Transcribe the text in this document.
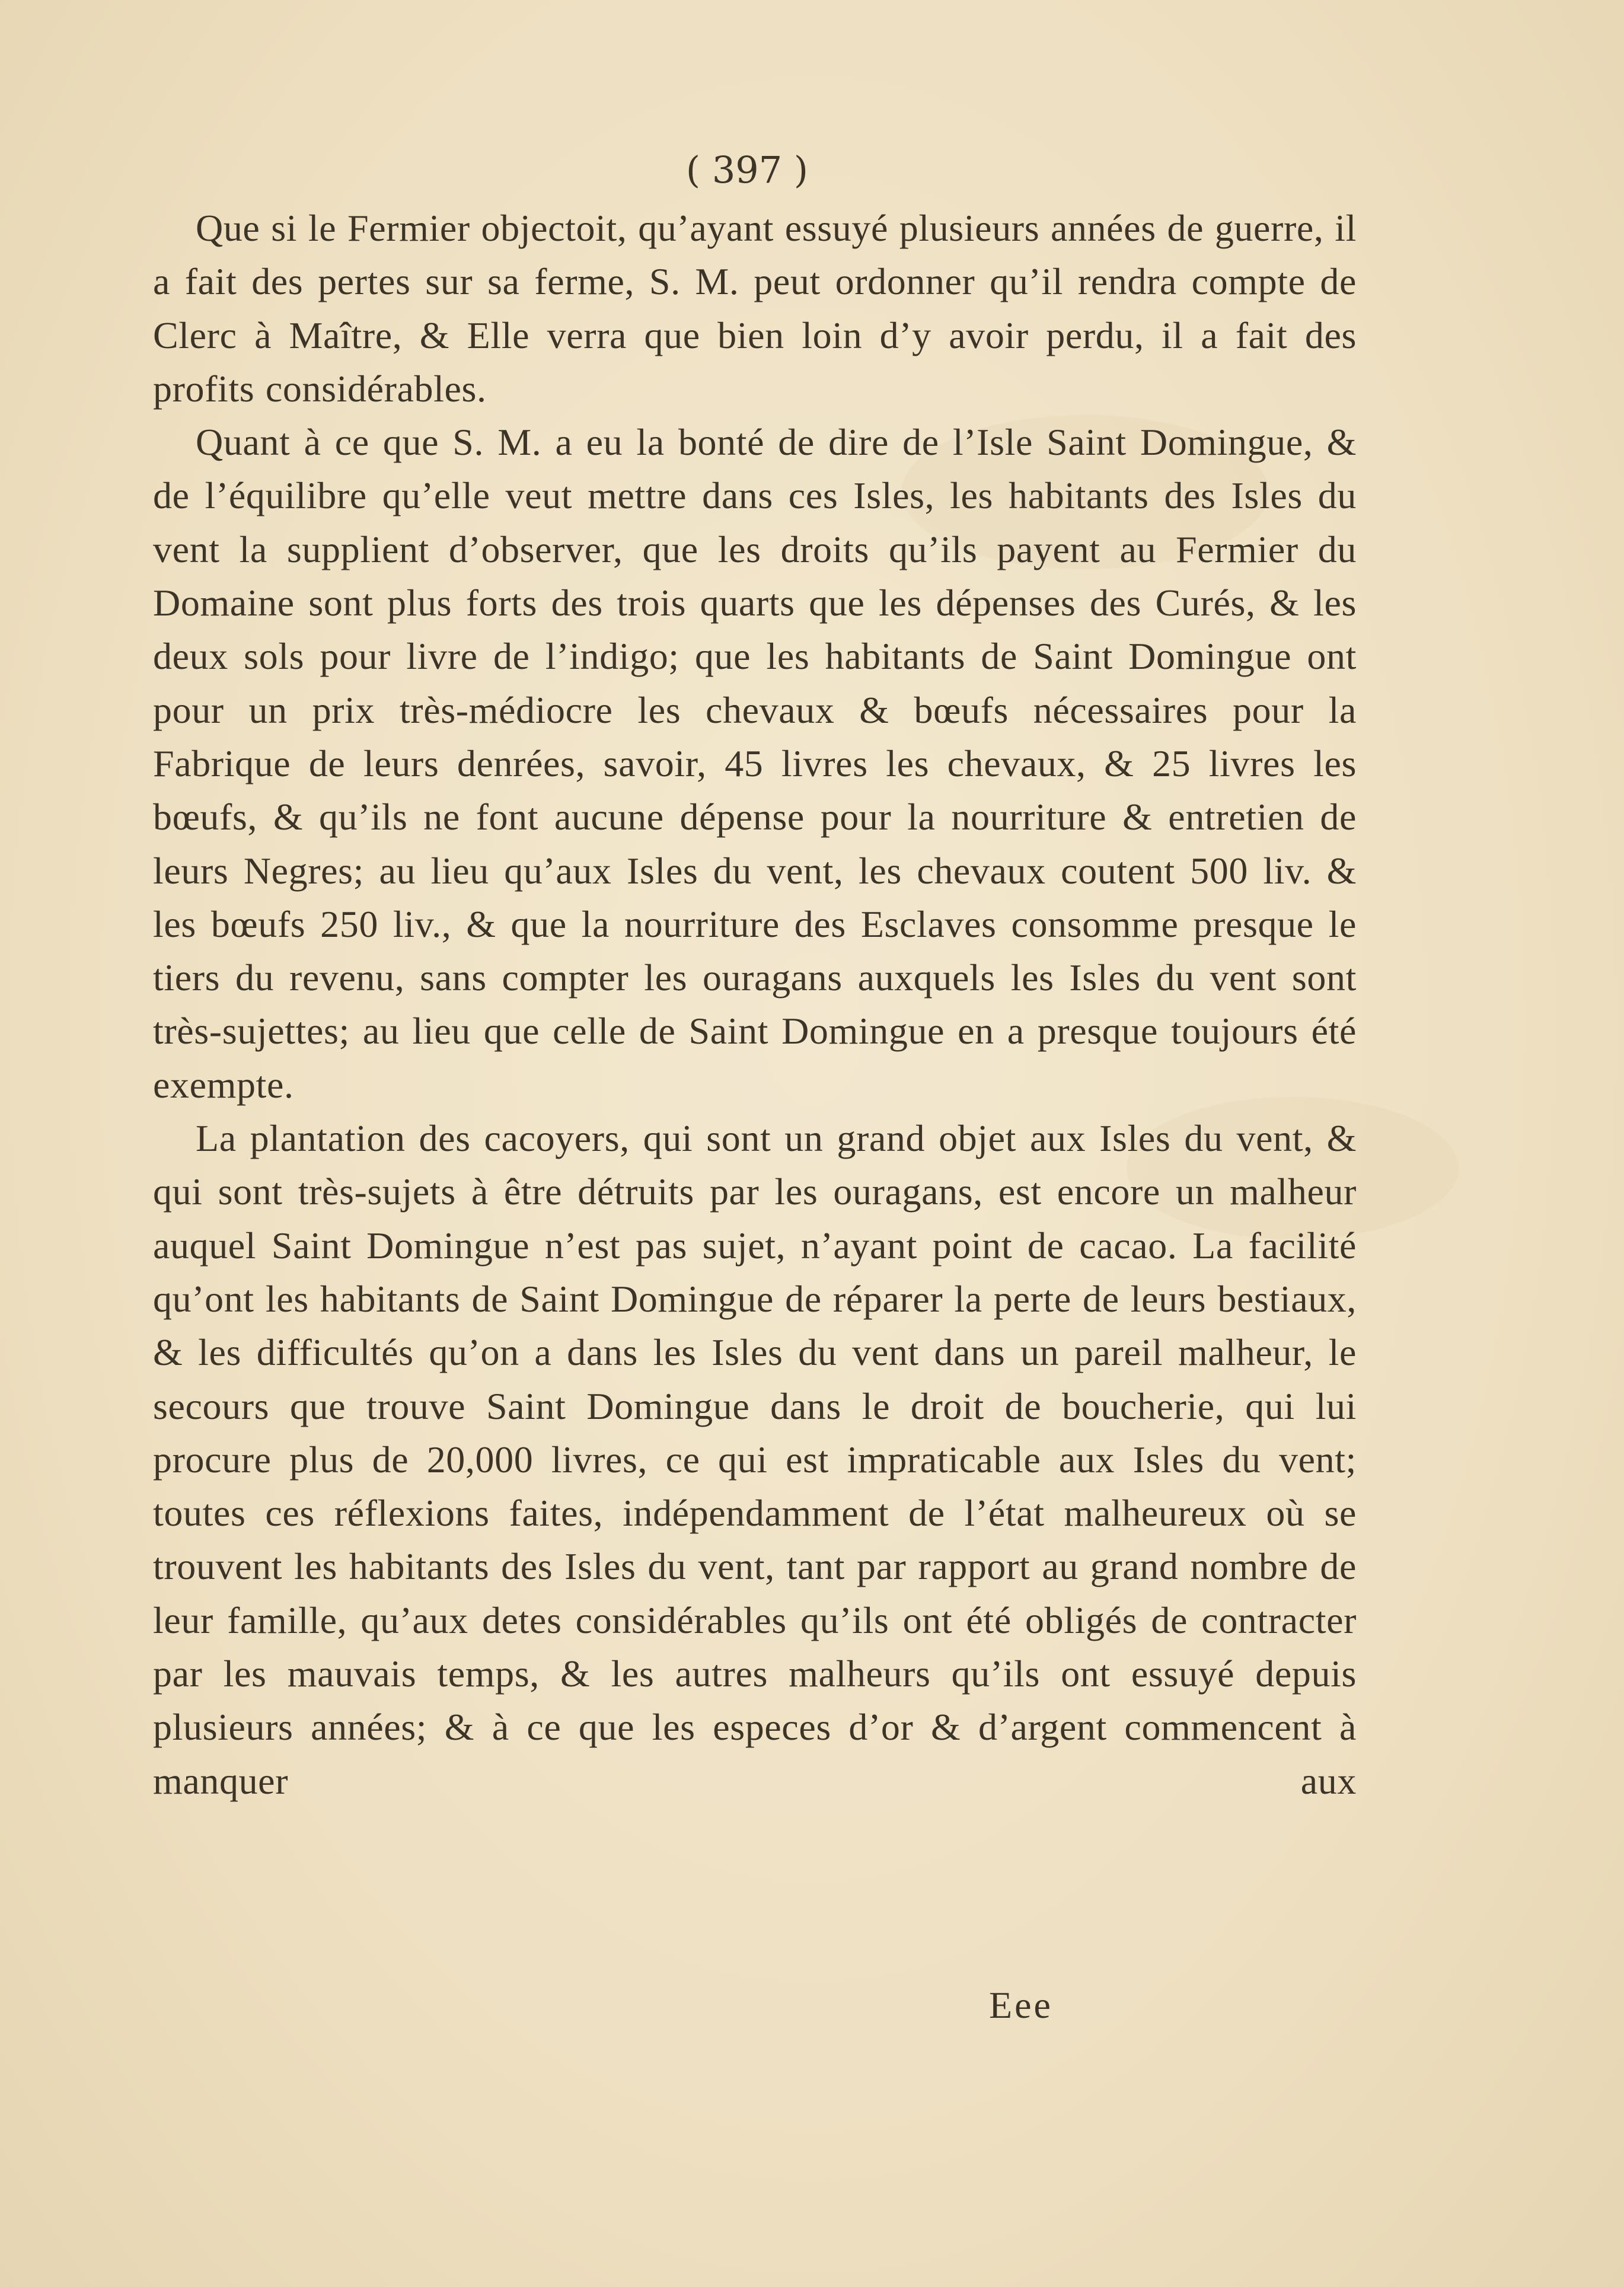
( 397 )

Que si le Fermier objectoit, qu’ayant essuyé plusieurs années de guerre, il a fait des pertes sur sa ferme, S. M. peut ordonner qu’il rendra compte de Clerc à Maître, & Elle verra que bien loin d’y avoir perdu, il a fait des profits considérables.

Quant à ce que S. M. a eu la bonté de dire de l’Isle Saint Domingue, & de l’équilibre qu’elle veut mettre dans ces Isles, les habitants des Isles du vent la supplient d’observer, que les droits qu’ils payent au Fermier du Domaine sont plus forts des trois quarts que les dépenses des Curés, & les deux sols pour livre de l’indigo; que les habitants de Saint Domingue ont pour un prix très-médiocre les chevaux & bœufs nécessaires pour la Fabrique de leurs denrées, savoir, 45 livres les chevaux, & 25 livres les bœufs, & qu’ils ne font aucune dépense pour la nourriture & entretien de leurs Negres; au lieu qu’aux Isles du vent, les chevaux coutent 500 liv. & les bœufs 250 liv., & que la nourriture des Esclaves consomme presque le tiers du revenu, sans compter les ouragans auxquels les Isles du vent sont très-sujettes; au lieu que celle de Saint Domingue en a presque toujours été exempte.

La plantation des cacoyers, qui sont un grand objet aux Isles du vent, & qui sont très-sujets à être détruits par les ouragans, est encore un malheur auquel Saint Domingue n’est pas sujet, n’ayant point de cacao. La facilité qu’ont les habitants de Saint Domingue de réparer la perte de leurs bestiaux, & les difficultés qu’on a dans les Isles du vent dans un pareil malheur, le secours que trouve Saint Domingue dans le droit de boucherie, qui lui procure plus de 20,000 livres, ce qui est impraticable aux Isles du vent; toutes ces réflexions faites, indépendamment de l’état malheureux où se trouvent les habitants des Isles du vent, tant par rapport au grand nombre de leur famille, qu’aux detes considérables qu’ils ont été obligés de contracter par les mauvais temps, & les autres malheurs qu’ils ont essuyé depuis plusieurs années; & à ce que les especes d’or & d’argent commencent à manquer aux

Eee
